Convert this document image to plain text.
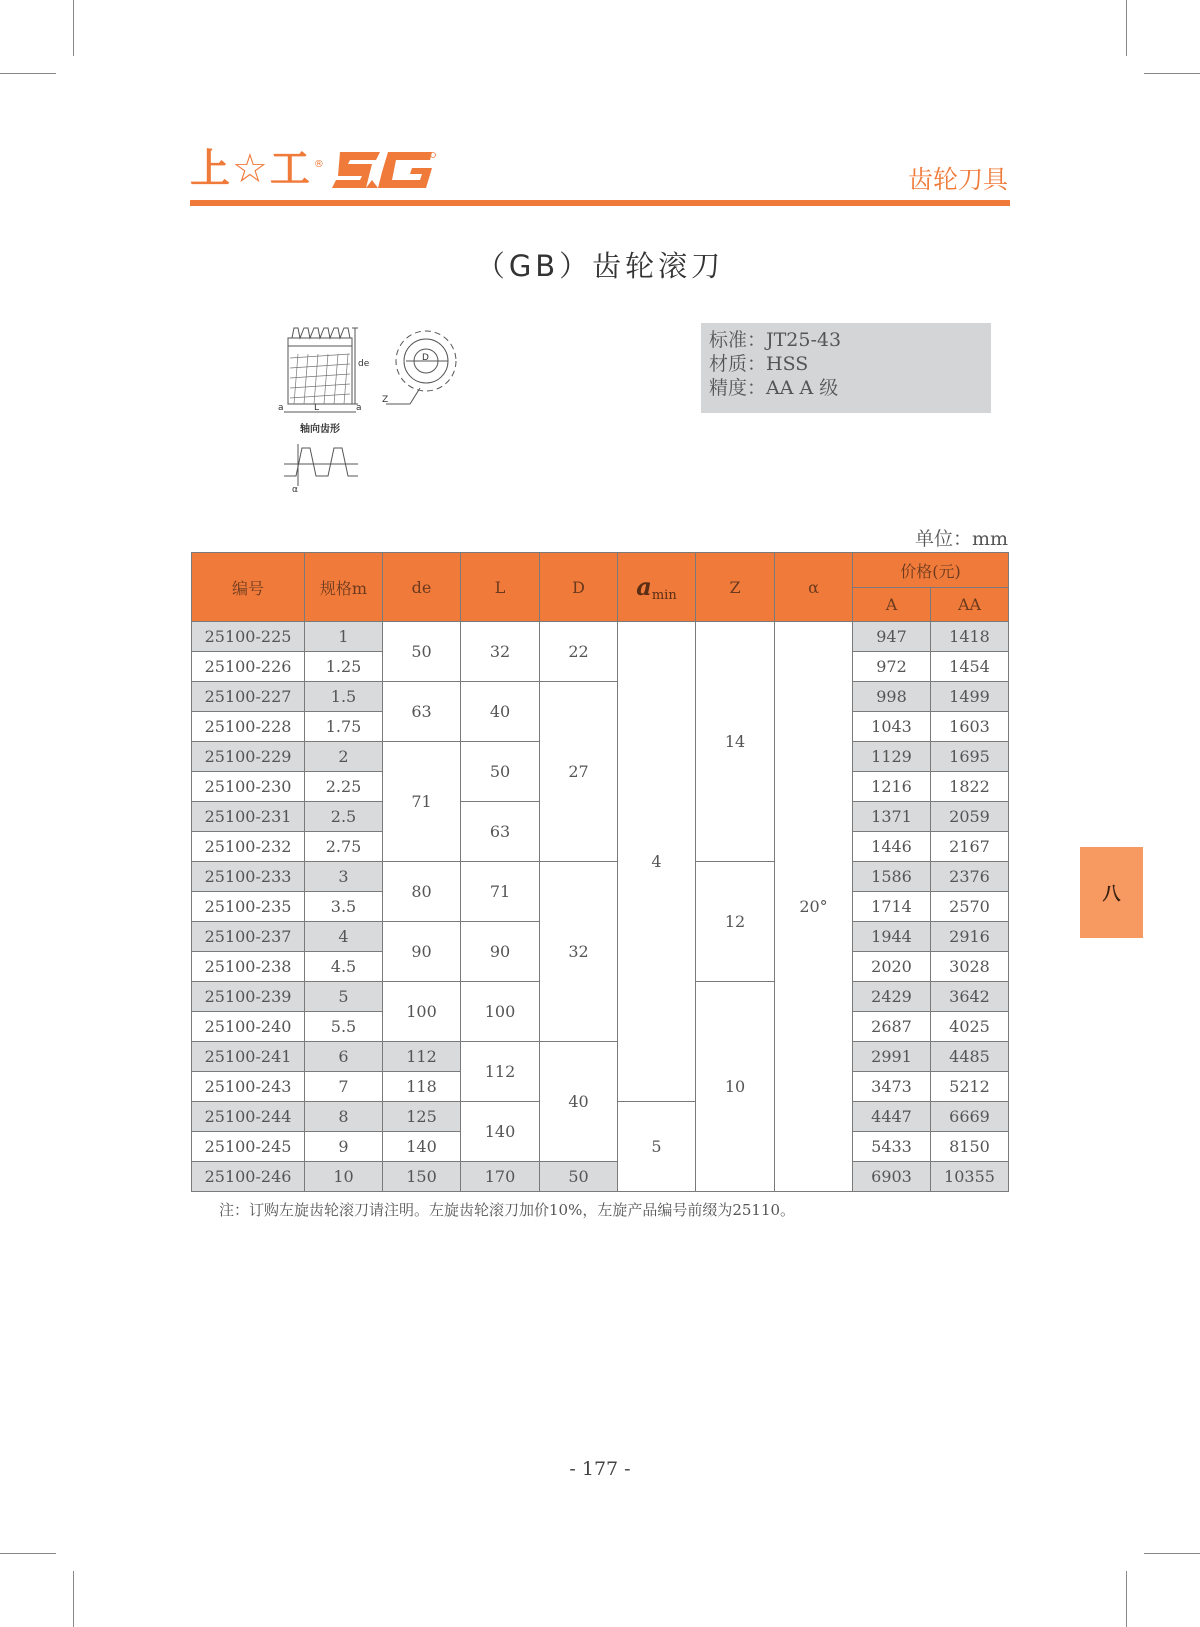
上☆工 ®
齿轮刀具
（GB）齿轮滚刀
a	L	a
de
D
Z
α
轴向齿形
标准：JT25-43
材质：HSS
精度：AA A 级
单位：mm
编号	规格m	de	L	D	$a_{min}$	Z	α	价格(元)	
								A	AA
25100-225	1	50	32	22	4	14	20°	947	1418
25100-226	1.25							972	1454
25100-227	1.5	63	40	27				998	1499
25100-228	1.75							1043	1603
25100-229	2	71	50					1129	1695
25100-230	2.25							1216	1822
25100-231	2.5		63					1371	2059
25100-232	2.75							1446	2167
25100-233	3	80	71	32		12		1586	2376
25100-235	3.5							1714	2570
25100-237	4	90	90					1944	2916
25100-238	4.5							2020	3028
25100-239	5	100	100			10		2429	3642
25100-240	5.5							2687	4025
25100-241	6	112	112	40				2991	4485
25100-243	7	118						3473	5212
25100-244	8	125	140		5			4447	6669
25100-245	9	140						5433	8150
25100-246	10	150	170	50				6903	10355
注：订购左旋齿轮滚刀请注明。左旋齿轮滚刀加价10%，左旋产品编号前缀为25110。
八
- 177 -
